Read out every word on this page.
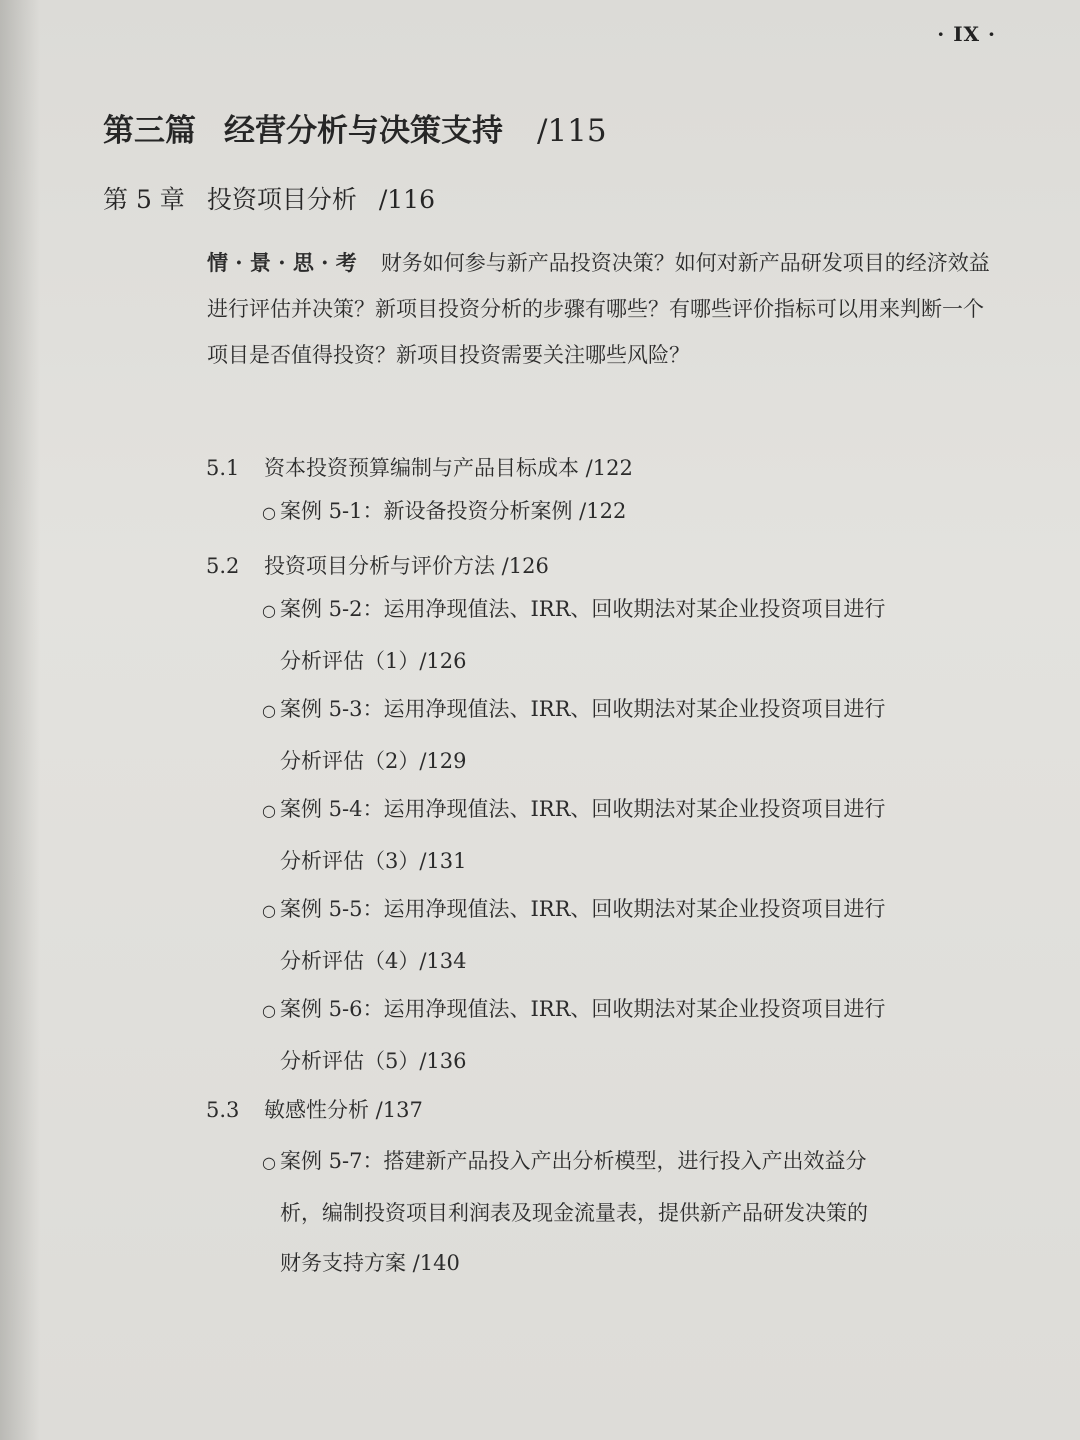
· IX ·
第三篇 经营分析与决策支持 /115
第 5 章 投资项目分析 /116
情 · 景 · 思 · 考 财务如何参与新产品投资决策？如何对新产品研发项目的经济效益进行评估并决策？新项目投资分析的步骤有哪些？有哪些评价指标可以用来判断一个项目是否值得投资？新项目投资需要关注哪些风险？
5.1 资本投资预算编制与产品目标成本 /122
○ 案例 5-1：新设备投资分析案例 /122
5.2 投资项目分析与评价方法 /126
○ 案例 5-2：运用净现值法、IRR、回收期法对某企业投资项目进行
分析评估（1）/126
○ 案例 5-3：运用净现值法、IRR、回收期法对某企业投资项目进行
分析评估（2）/129
○ 案例 5-4：运用净现值法、IRR、回收期法对某企业投资项目进行
分析评估（3）/131
○ 案例 5-5：运用净现值法、IRR、回收期法对某企业投资项目进行
分析评估（4）/134
○ 案例 5-6：运用净现值法、IRR、回收期法对某企业投资项目进行
分析评估（5）/136
5.3 敏感性分析 /137
○ 案例 5-7：搭建新产品投入产出分析模型，进行投入产出效益分
析，编制投资项目利润表及现金流量表，提供新产品研发决策的
财务支持方案 /140
